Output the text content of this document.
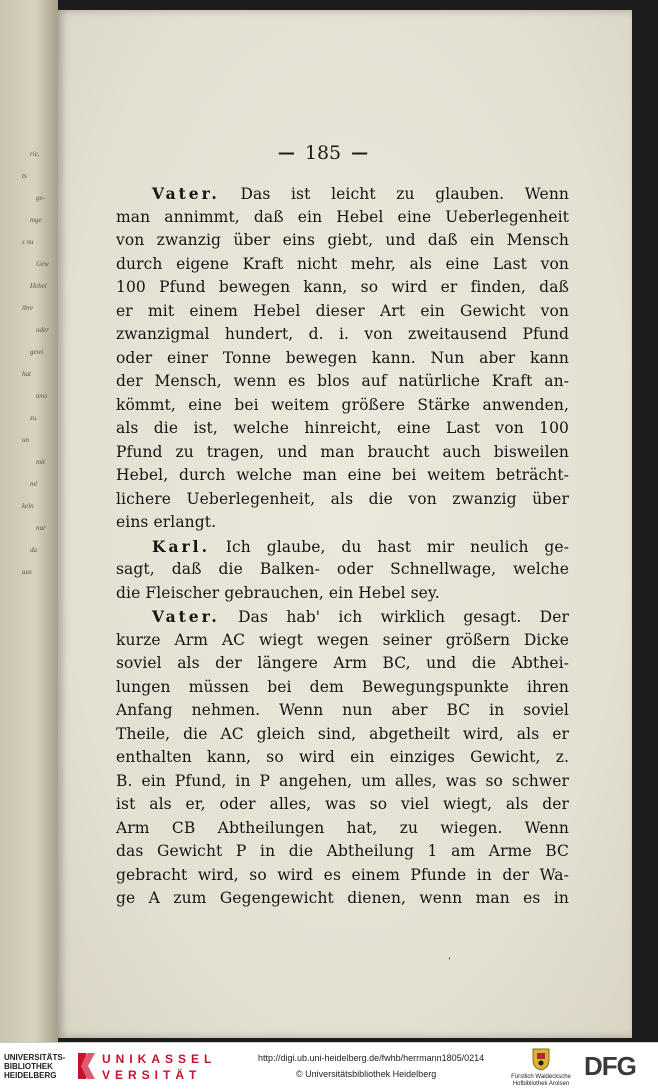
rie,
ts
ge-
mge
s nu
Gew
Hebel
ihre
oder
gewi
hat
tens
zu.
un
mit
ml
kein
nur
da
aus
— 185 —
Vater. Das ist leicht zu glauben. Wenn
man annimmt, daß ein Hebel eine Ueberlegenheit
von zwanzig über eins giebt, und daß ein Mensch
durch eigene Kraft nicht mehr, als eine Last von
100 Pfund bewegen kann, so wird er finden, daß
er mit einem Hebel dieser Art ein Gewicht von
zwanzigmal hundert, d. i. von zweitausend Pfund
oder einer Tonne bewegen kann. Nun aber kann
der Mensch, wenn es blos auf natürliche Kraft an-
kömmt, eine bei weitem größere Stärke anwenden,
als die ist, welche hinreicht, eine Last von 100
Pfund zu tragen, und man braucht auch bisweilen
Hebel, durch welche man eine bei weitem beträcht-
lichere Ueberlegenheit, als die von zwanzig über
eins erlangt.
Karl. Ich glaube, du hast mir neulich ge-
sagt, daß die Balken- oder Schnellwage, welche
die Fleischer gebrauchen, ein Hebel sey.
Vater. Das hab' ich wirklich gesagt. Der
kurze Arm AC wiegt wegen seiner größern Dicke
soviel als der längere Arm BC, und die Abthei-
lungen müssen bei dem Bewegungspunkte ihren
Anfang nehmen. Wenn nun aber BC in soviel
Theile, die AC gleich sind, abgetheilt wird, als er
enthalten kann, so wird ein einziges Gewicht, z.
B. ein Pfund, in P angehen, um alles, was so schwer
ist als er, oder alles, was so viel wiegt, als der
Arm CB Abtheilungen hat, zu wiegen. Wenn
das Gewicht P in die Abtheilung 1 am Arme BC
gebracht wird, so wird es einem Pfunde in der Wa-
ge A zum Gegengewicht dienen, wenn man es in
ˌ
UNIVERSITÄTS-
BIBLIOTHEK
HEIDELBERG
UNIKASSEL
VERSITÄT
http://digi.ub.uni-heidelberg.de/fwhb/herrmann1805/0214
© Universitätsbibliothek Heidelberg	Fürstlich Waldecksche
Hofbibliothek Arolsen
DFG
